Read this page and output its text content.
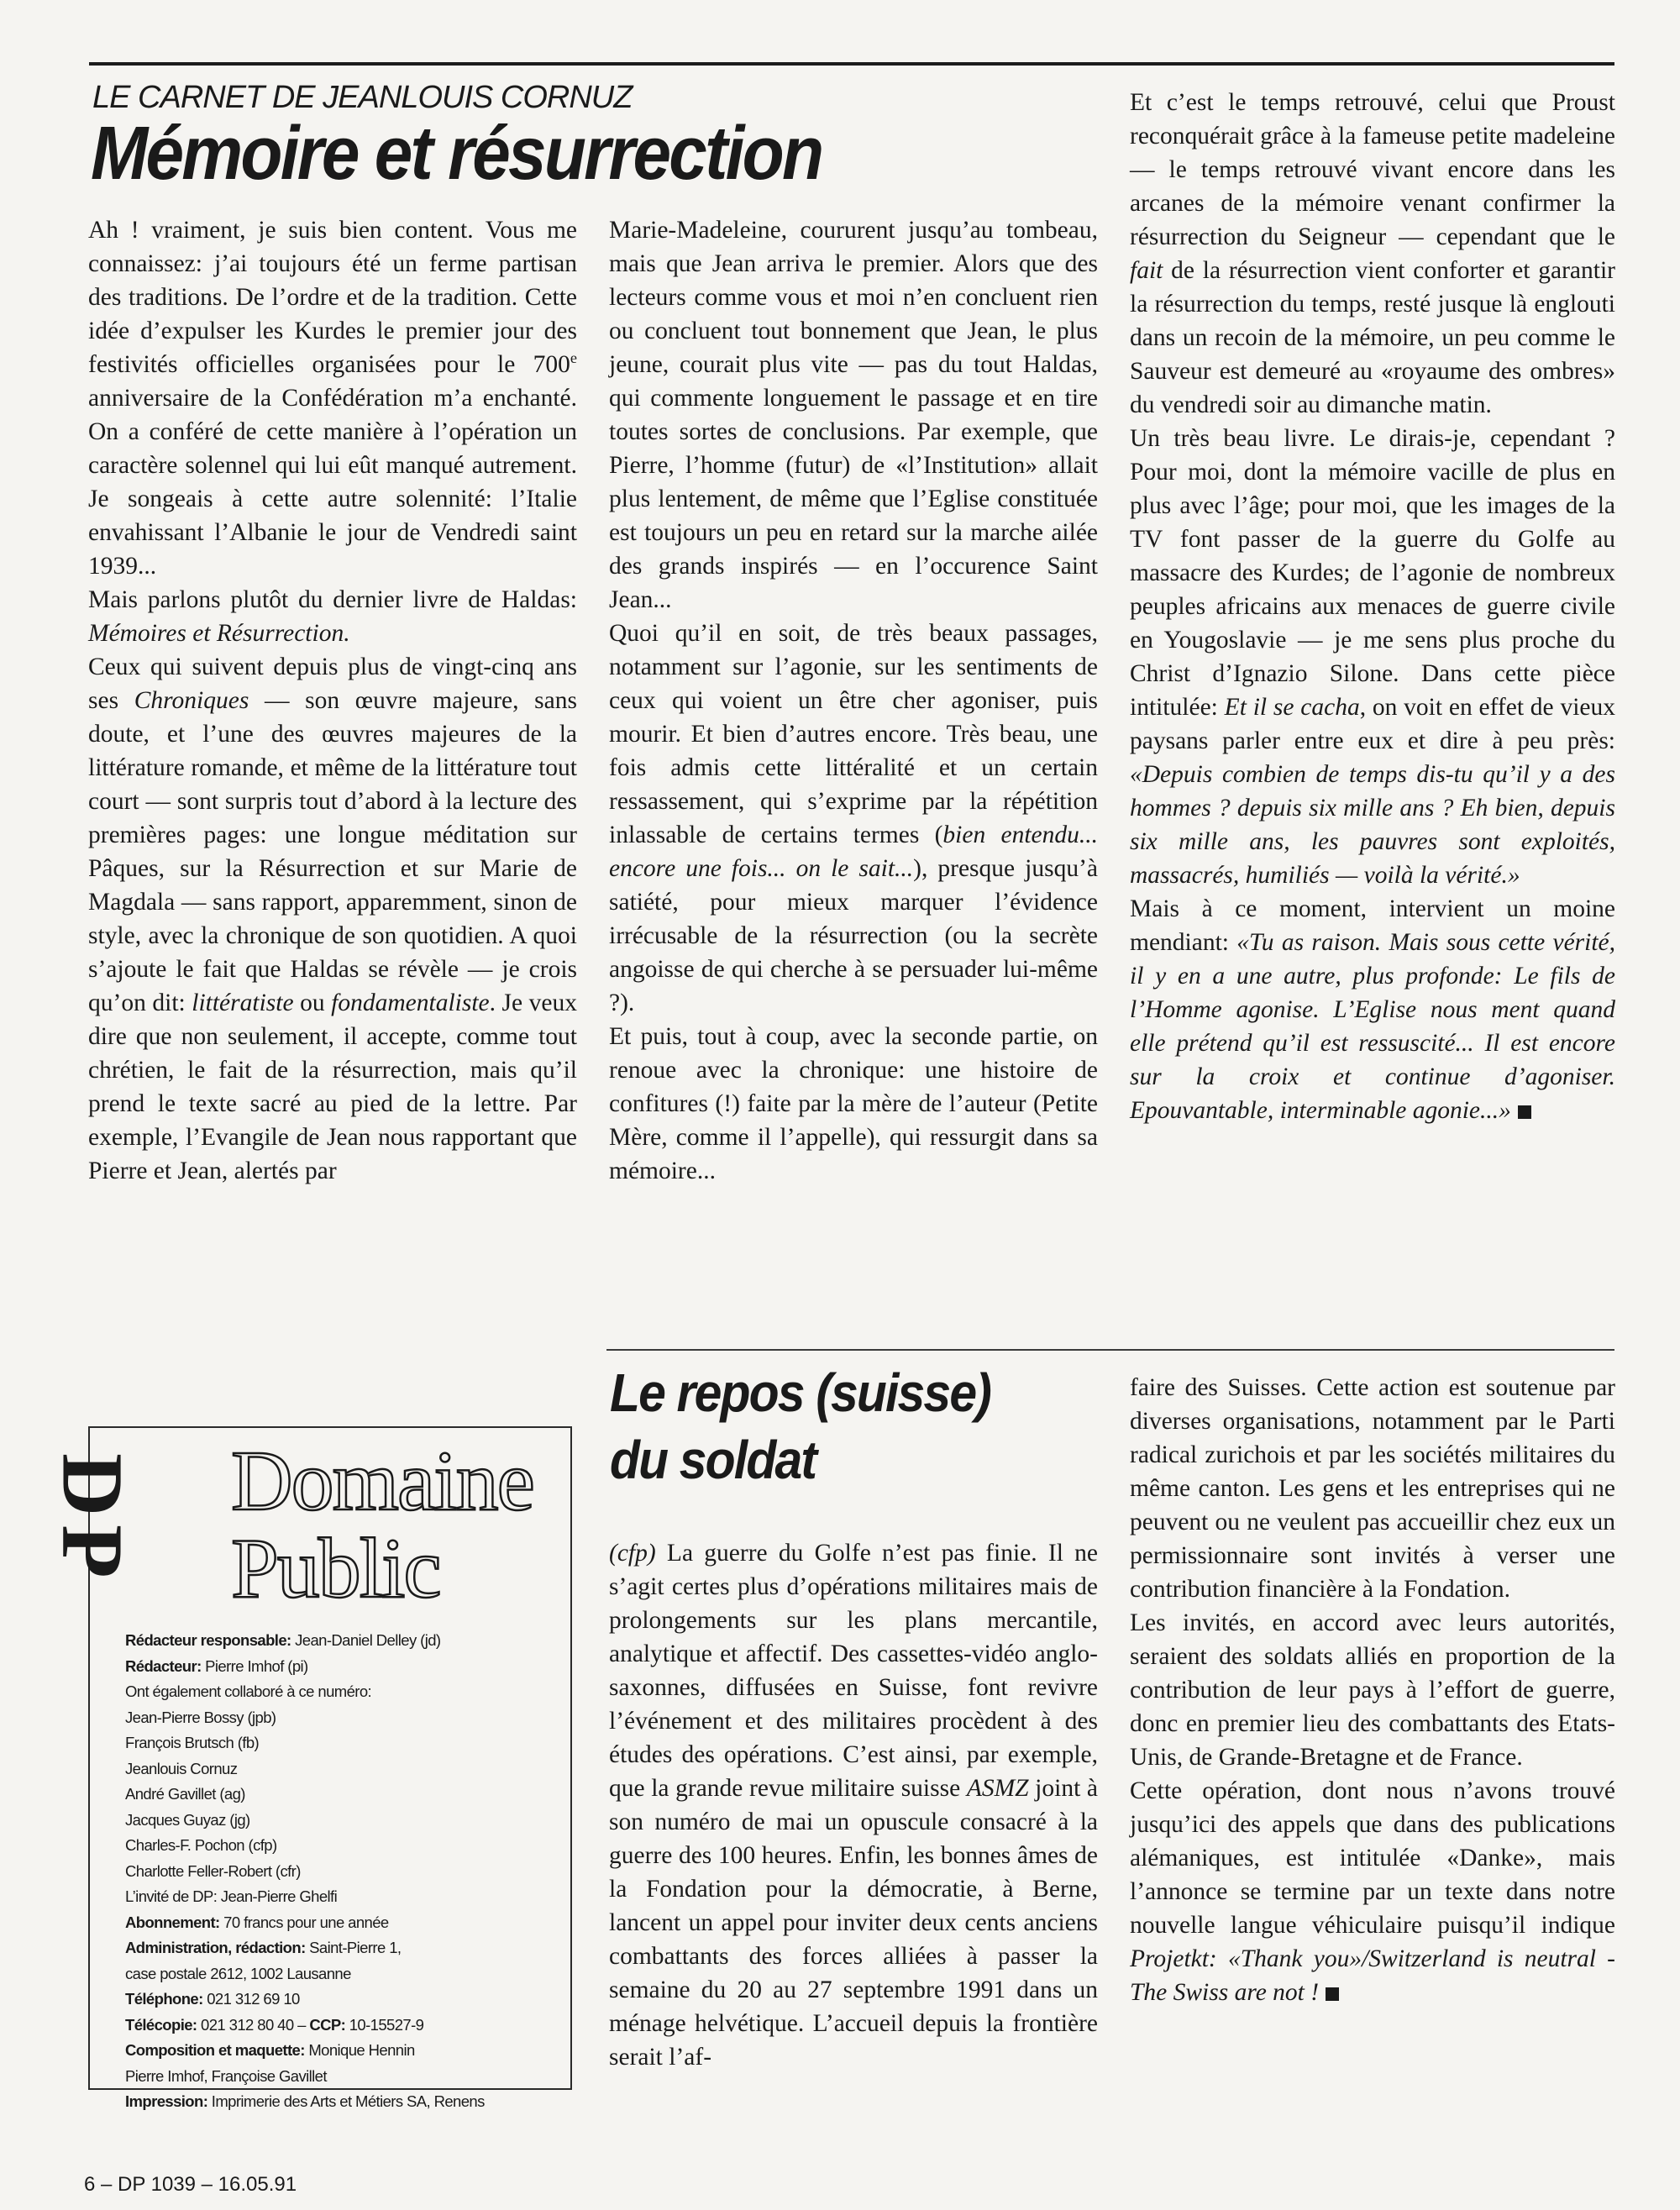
LE CARNET DE JEANLOUIS CORNUZ
Mémoire et résurrection

Ah ! vraiment, je suis bien content. Vous me connaissez: j’ai toujours été un ferme partisan des traditions. De l’ordre et de la tradition. Cette idée d’expulser les Kurdes le premier jour des festivités officielles organisées pour le 700e anniversaire de la Confédération m’a enchanté. On a conféré de cette manière à l’opération un caractère solennel qui lui eût manqué autrement. Je songeais à cette autre solennité: l’Italie envahissant l’Albanie le jour de Vendredi saint 1939...

Mais parlons plutôt du dernier livre de Haldas: Mémoires et Résurrection.

Ceux qui suivent depuis plus de vingt-cinq ans ses Chroniques — son œuvre majeure, sans doute, et l’une des œuvres majeures de la littérature romande, et même de la littérature tout court — sont surpris tout d’abord à la lecture des premières pages: une longue méditation sur Pâques, sur la Résurrection et sur Marie de Magdala — sans rapport, apparemment, sinon de style, avec la chronique de son quotidien. A quoi s’ajoute le fait que Haldas se révèle — je crois qu’on dit: littératiste ou fondamentaliste. Je veux dire que non seulement, il accepte, comme tout chrétien, le fait de la résurrection, mais qu’il prend le texte sacré au pied de la lettre. Par exemple, l’Evangile de Jean nous rapportant que Pierre et Jean, alertés par

Marie-Madeleine, coururent jusqu’au tombeau, mais que Jean arriva le premier. Alors que des lecteurs comme vous et moi n’en concluent rien ou concluent tout bonnement que Jean, le plus jeune, courait plus vite — pas du tout Haldas, qui commente longuement le passage et en tire toutes sortes de conclusions. Par exemple, que Pierre, l’homme (futur) de «l’Institution» allait plus lentement, de même que l’Eglise constituée est toujours un peu en retard sur la marche ailée des grands inspirés — en l’occurence Saint Jean...

Quoi qu’il en soit, de très beaux passages, notamment sur l’agonie, sur les sentiments de ceux qui voient un être cher agoniser, puis mourir. Et bien d’autres encore. Très beau, une fois admis cette littéralité et un certain ressassement, qui s’exprime par la répétition inlassable de certains termes (bien entendu... encore une fois... on le sait...), presque jusqu’à satiété, pour mieux marquer l’évidence irrécusable de la résurrection (ou la secrète angoisse de qui cherche à se persuader lui-même ?).

Et puis, tout à coup, avec la seconde partie, on renoue avec la chronique: une histoire de confitures (!) faite par la mère de l’auteur (Petite Mère, comme il l’appelle), qui ressurgit dans sa mémoire...

Et c’est le temps retrouvé, celui que Proust reconquérait grâce à la fameuse petite madeleine — le temps retrouvé vivant encore dans les arcanes de la mémoire venant confirmer la résurrection du Seigneur — cependant que le fait de la résurrection vient conforter et garantir la résurrection du temps, resté jusque là englouti dans un recoin de la mémoire, un peu comme le Sauveur est demeuré au «royaume des ombres» du vendredi soir au dimanche matin.

Un très beau livre. Le dirais-je, cependant ? Pour moi, dont la mémoire vacille de plus en plus avec l’âge; pour moi, que les images de la TV font passer de la guerre du Golfe au massacre des Kurdes; de l’agonie de nombreux peuples africains aux menaces de guerre civile en Yougoslavie — je me sens plus proche du Christ d’Ignazio Silone. Dans cette pièce intitulée: Et il se cacha, on voit en effet de vieux paysans parler entre eux et dire à peu près: «Depuis combien de temps dis-tu qu’il y a des hommes ? depuis six mille ans ? Eh bien, depuis six mille ans, les pauvres sont exploités, massacrés, humiliés — voilà la vérité.»

Mais à ce moment, intervient un moine mendiant: «Tu as raison. Mais sous cette vérité, il y en a une autre, plus profonde: Le fils de l’Homme agonise. L’Eglise nous ment quand elle prétend qu’il est ressuscité... Il est encore sur la croix et continue d’agoniser. Epouvantable, interminable agonie...»

Le repos (suisse) du soldat

(cfp) La guerre du Golfe n’est pas finie. Il ne s’agit certes plus d’opérations militaires mais de prolongements sur les plans mercantile, analytique et affectif. Des cassettes-vidéo anglo-saxonnes, diffusées en Suisse, font revivre l’événement et des militaires procèdent à des études des opérations. C’est ainsi, par exemple, que la grande revue militaire suisse ASMZ joint à son numéro de mai un opuscule consacré à la guerre des 100 heures. Enfin, les bonnes âmes de la Fondation pour la démocratie, à Berne, lancent un appel pour inviter deux cents anciens combattants des forces alliées à passer la semaine du 20 au 27 septembre 1991 dans un ménage helvétique. L’accueil depuis la frontière serait l’af-

faire des Suisses. Cette action est soutenue par diverses organisations, notamment par le Parti radical zurichois et par les sociétés militaires du même canton. Les gens et les entreprises qui ne peuvent ou ne veulent pas accueillir chez eux un permissionnaire sont invités à verser une contribution financière à la Fondation.

Les invités, en accord avec leurs autorités, seraient des soldats alliés en proportion de la contribution de leur pays à l’effort de guerre, donc en premier lieu des combattants des Etats-Unis, de Grande-Bretagne et de France.

Cette opération, dont nous n’avons trouvé jusqu’ici des appels que dans des publications alémaniques, est intitulée «Danke», mais l’annonce se termine par un texte dans notre nouvelle langue véhiculaire puisqu’il indique Projetkt: «Thank you»/Switzerland is neutral - The Swiss are not !

DP Domaine
Public

Rédacteur responsable: Jean-Daniel Delley (jd)

Rédacteur: Pierre Imhof (pi)

Ont également collaboré à ce numéro:

Jean-Pierre Bossy (jpb)

François Brutsch (fb)

Jeanlouis Cornuz

André Gavillet (ag)

Jacques Guyaz (jg)

Charles-F. Pochon (cfp)

Charlotte Feller-Robert (cfr)

L’invité de DP: Jean-Pierre Ghelfi

Abonnement: 70 francs pour une année

Administration, rédaction: Saint-Pierre 1,

case postale 2612, 1002 Lausanne

Téléphone: 021 312 69 10

Télécopie: 021 312 80 40 – CCP: 10-15527-9

Composition et maquette: Monique Hennin

Pierre Imhof, Françoise Gavillet

Impression: Imprimerie des Arts et Métiers SA, Renens

6 – DP 1039 – 16.05.91
